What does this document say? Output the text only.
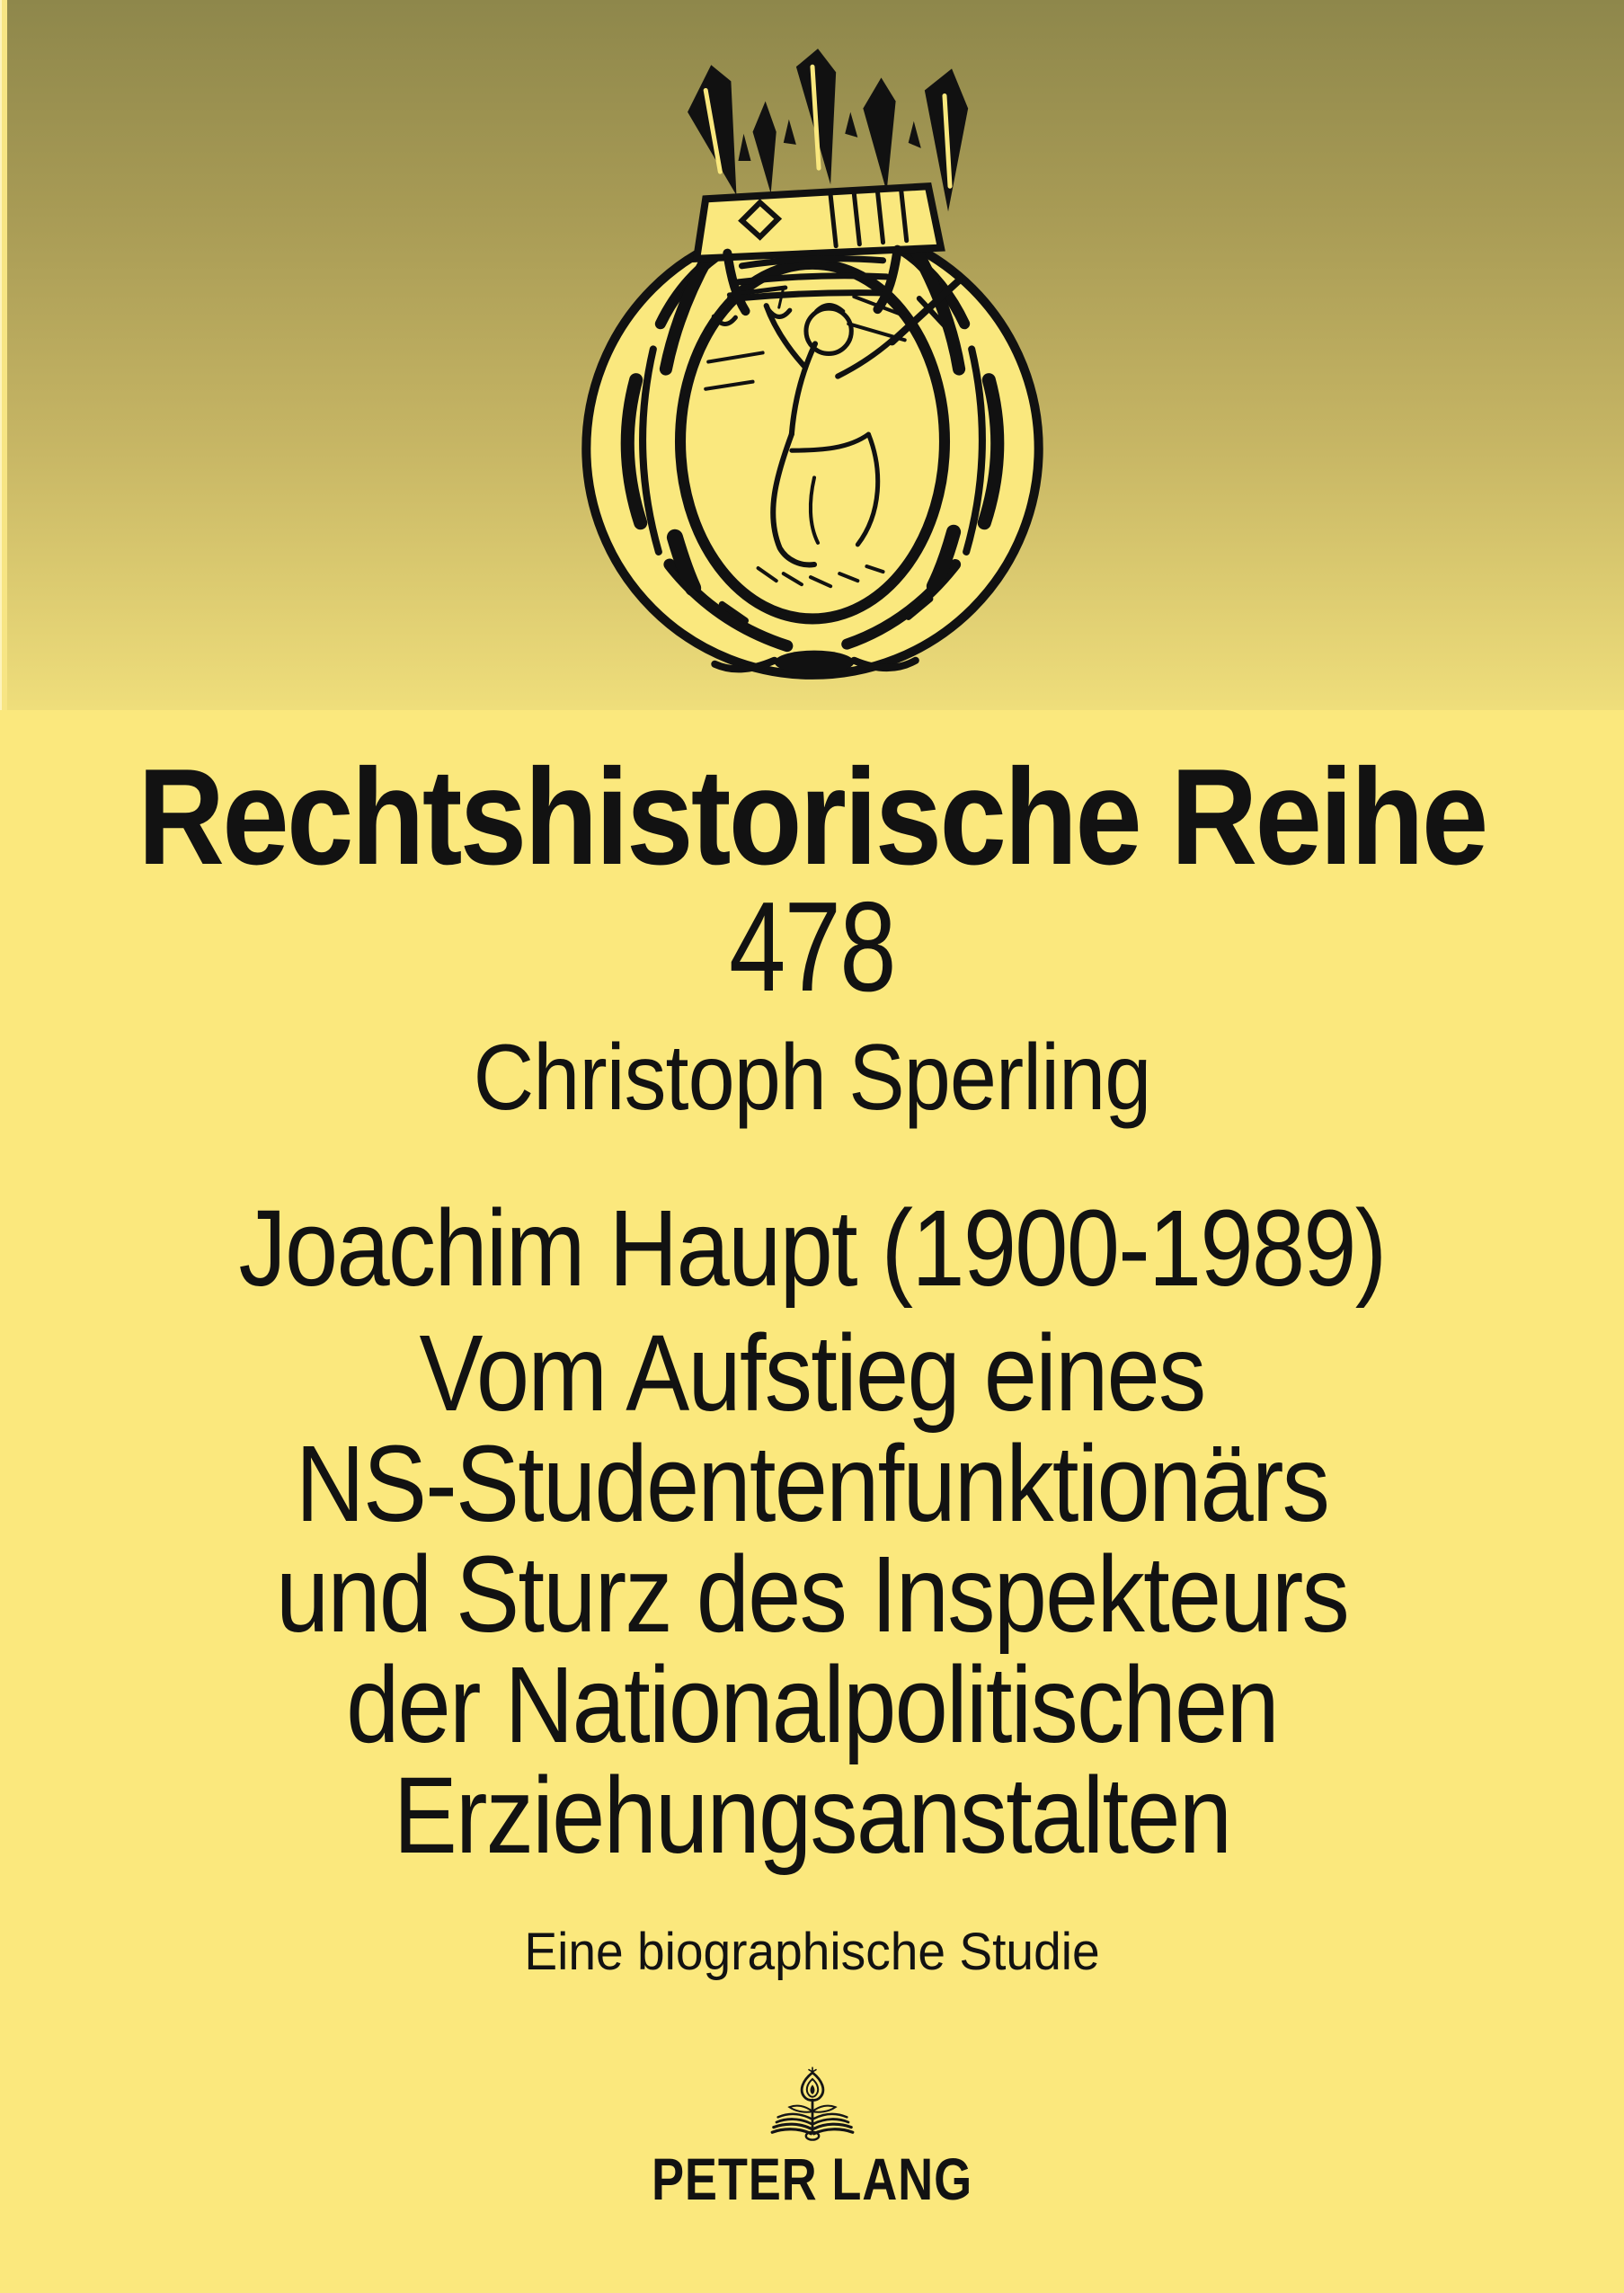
Rechtshistorische Reihe
478
Christoph Sperling
Joachim Haupt (1900-1989)
Vom Aufstieg eines
NS-Studentenfunktionärs
und Sturz des Inspekteurs
der Nationalpolitischen
Erziehungsanstalten
Eine biographische Studie
PETER LANG
